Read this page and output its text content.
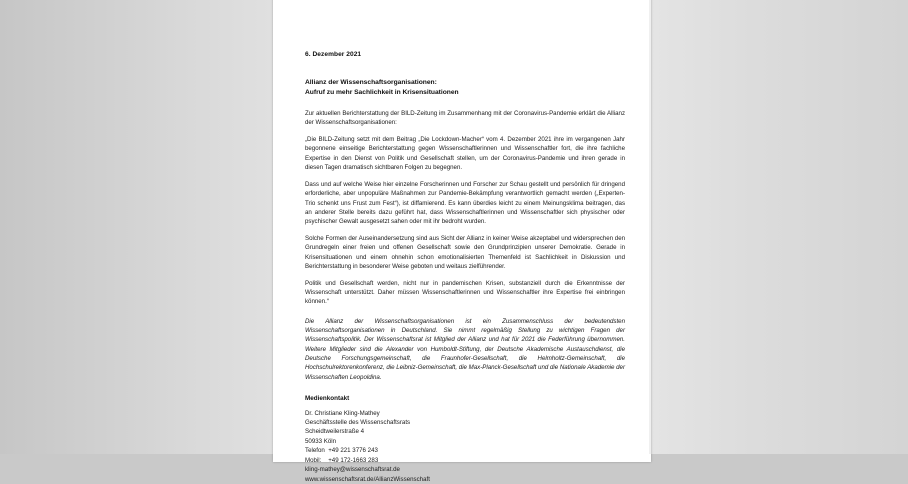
6. Dezember 2021
Allianz der Wissenschaftsorganisationen:
Aufruf zu mehr Sachlichkeit in Krisensituationen

Zur aktuellen Berichterstattung der BILD-Zeitung im Zusammenhang mit der Coronavirus-Pandemie erklärt die Allianz der Wissenschaftsorganisationen:

„Die BILD-Zeitung setzt mit dem Beitrag „Die Lockdown-Macher“ vom 4. Dezember 2021 ihre im vergangenen Jahr begonnene einseitige Berichterstattung gegen Wissenschaftlerinnen und Wissenschaftler fort, die ihre fachliche Expertise in den Dienst von Politik und Gesellschaft stellen, um der Coronavirus-Pandemie und ihren gerade in diesen Tagen dramatisch sichtbaren Folgen zu begegnen.

Dass und auf welche Weise hier einzelne Forscherinnen und Forscher zur Schau gestellt und persönlich für dringend erforderliche, aber unpopuläre Maßnahmen zur Pandemie-Bekämpfung verantwortlich gemacht werden („Experten-Trio schenkt uns Frust zum Fest“), ist diffamierend. Es kann überdies leicht zu einem Meinungsklima beitragen, das an anderer Stelle bereits dazu geführt hat, dass Wissenschaftlerinnen und Wissenschaftler sich physischer oder psychischer Gewalt ausgesetzt sahen oder mit ihr bedroht wurden.

Solche Formen der Auseinandersetzung sind aus Sicht der Allianz in keiner Weise akzeptabel und widersprechen den Grundregeln einer freien und offenen Gesellschaft sowie den Grundprinzipien unserer Demokratie. Gerade in Krisensituationen und einem ohnehin schon emotionalisierten Themenfeld ist Sachlichkeit in Diskussion und Berichterstattung in besonderer Weise geboten und weitaus zielführender.

Politik und Gesellschaft werden, nicht nur in pandemischen Krisen, substanziell durch die Erkenntnisse der Wissenschaft unterstützt. Daher müssen Wissenschaftlerinnen und Wissenschaftler ihre Expertise frei einbringen können.“

Die Allianz der Wissenschaftsorganisationen ist ein Zusammenschluss der bedeutendsten Wissenschaftsorganisationen in Deutschland. Sie nimmt regelmäßig Stellung zu wichtigen Fragen der Wissenschaftspolitik. Der Wissenschaftsrat ist Mitglied der Allianz und hat für 2021 die Federführung übernommen. Weitere Mitglieder sind die Alexander von Humboldt-Stiftung, der Deutsche Akademische Austauschdienst, die Deutsche Forschungsgemeinschaft, die Fraunhofer-Gesellschaft, die Helmholtz-Gemeinschaft, die Hochschulrektorenkonferenz, die Leibniz-Gemeinschaft, die Max-Planck-Gesellschaft und die Nationale Akademie der Wissenschaften Leopoldina.

Medienkontakt
Dr. Christiane Kling-Mathey
Geschäftsstelle des Wissenschaftsrats
Scheidtweilerstraße 4
50933 Köln
Telefon  +49 221 3776 243
Mobil:    +49 172-1663 283
kling-mathey@wissenschaftsrat.de
www.wissenschaftsrat.de/AllianzWissenschaft
